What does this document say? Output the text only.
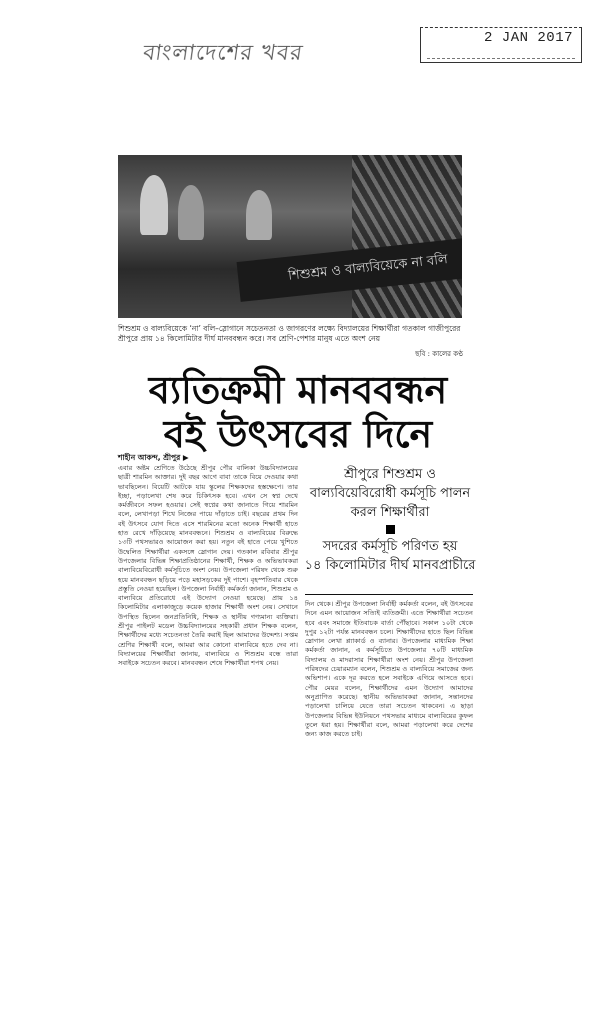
বাংলাদেশের খবর
2 JAN 2017
শিশুশ্রম ও বাল্যবিয়েকে না বলি
শিশুশ্রম ও বাল্যবিয়েকে ‘না’ বলি–স্লোগানে সচেতনতা ও জাগরণের লক্ষ্যে বিদ্যালয়ের শিক্ষার্থীরা গতকাল গাজীপুরের শ্রীপুরে প্রায় ১৪ কিলোমিটার দীর্ঘ মানববন্ধন করে। সব শ্রেণি-পেশার মানুষ এতে অংশ নেয়
ছবি : কালের কণ্ঠ
ব্যতিক্রমী মানববন্ধন
বই উৎসবের দিনে
শাহীন আকন্দ, শ্রীপুর ▶
এবার অষ্টম শ্রেণিতে উঠেছে শ্রীপুর পৌর বালিকা উচ্চবিদ্যালয়ের ছাত্রী শারমিন আক্তার। দুই বছর আগে বাবা তাকে বিয়ে দেওয়ার কথা ভাবছিলেন। বিয়েটি আটকে যায় স্কুলের শিক্ষকদের হস্তক্ষেপে। তার ইচ্ছা, পড়ালেখা শেষ করে চিকিৎসক হবে। এখন সে স্বপ্ন দেখে কর্মজীবনে সফল হওয়ার। সেই স্বপ্নের কথা জানাতে গিয়ে শারমিন বলে, লেখাপড়া শিখে নিজের পায়ে দাঁড়াতে চাই। বছরের প্রথম দিন বই উৎসবে যোগ দিতে এসে শারমিনের মতো অনেক শিক্ষার্থী হাতে হাত রেখে দাঁড়িয়েছে মানববন্ধনে। শিশুশ্রম ও বাল্যবিয়ের বিরুদ্ধে ১৩টি পথসভারও আয়োজন করা হয়। নতুন বই হাতে পেয়ে খুশিতে উদ্বেলিত শিক্ষার্থীরা একসঙ্গে স্লোগান দেয়। গতকাল রবিবার শ্রীপুর উপজেলার বিভিন্ন শিক্ষাপ্রতিষ্ঠানের শিক্ষার্থী, শিক্ষক ও অভিভাবকরা বাল্যবিয়েবিরোধী কর্মসূচিতে অংশ নেয়। উপজেলা পরিষদ থেকে শুরু হয়ে মানববন্ধন ছড়িয়ে পড়ে মহাসড়কের দুই পাশে। বৃহস্পতিবার থেকে প্রস্তুতি নেওয়া হয়েছিল। উপজেলা নির্বাহী কর্মকর্তা জানান, শিশুশ্রম ও বাল্যবিয়ে প্রতিরোধে এই উদ্যোগ নেওয়া হয়েছে। প্রায় ১৪ কিলোমিটার এলাকাজুড়ে কয়েক হাজার শিক্ষার্থী অংশ নেয়। সেখানে উপস্থিত ছিলেন জনপ্রতিনিধি, শিক্ষক ও স্থানীয় গণ্যমান্য ব্যক্তিরা। শ্রীপুর পাইলট মডেল উচ্চবিদ্যালয়ের সহকারী প্রধান শিক্ষক বলেন, শিক্ষার্থীদের মধ্যে সচেতনতা তৈরি করাই ছিল আমাদের উদ্দেশ্য। সপ্তম শ্রেণির শিক্ষার্থী বলে, আমরা আর কোনো বাল্যবিয়ে হতে দেব না। বিদ্যালয়ের শিক্ষার্থীরা জানায়, বাল্যবিয়ে ও শিশুশ্রম বন্ধে তারা সবাইকে সচেতন করবে। মানববন্ধন শেষে শিক্ষার্থীরা শপথ নেয়।
শ্রীপুরে শিশুশ্রম ও বাল্যবিয়েবিরোধী কর্মসূচি পালন করল শিক্ষার্থীরা
সদরের কর্মসূচি পরিণত হয়
১৪ কিলোমিটার দীর্ঘ মানবপ্রাচীরে
দিন থেকে। শ্রীপুর উপজেলা নির্বাহী কর্মকর্তা বলেন, বই উৎসবের দিনে এমন আয়োজন সত্যিই ব্যতিক্রমী। এতে শিক্ষার্থীরা সচেতন হবে এবং সমাজে ইতিবাচক বার্তা পৌঁছাবে। সকাল ১০টা থেকে দুপুর ১২টা পর্যন্ত মানববন্ধন চলে। শিক্ষার্থীদের হাতে ছিল বিভিন্ন স্লোগান লেখা প্ল্যাকার্ড ও ব্যানার। উপজেলার মাধ্যমিক শিক্ষা কর্মকর্তা জানান, এ কর্মসূচিতে উপজেলার ৭০টি মাধ্যমিক বিদ্যালয় ও মাদরাসার শিক্ষার্থীরা অংশ নেয়। শ্রীপুর উপজেলা পরিষদের চেয়ারম্যান বলেন, শিশুশ্রম ও বাল্যবিয়ে সমাজের জন্য অভিশাপ। একে দূর করতে হলে সবাইকে এগিয়ে আসতে হবে। পৌর মেয়র বলেন, শিক্ষার্থীদের এমন উদ্যোগ আমাদের অনুপ্রাণিত করেছে। স্থানীয় অভিভাবকরা জানান, সন্তানদের পড়ালেখা চালিয়ে যেতে তারা সচেতন থাকবেন। এ ছাড়া উপজেলার বিভিন্ন ইউনিয়নে পথসভার মাধ্যমে বাল্যবিয়ের কুফল তুলে ধরা হয়। শিক্ষার্থীরা বলে, আমরা পড়ালেখা করে দেশের জন্য কাজ করতে চাই।
